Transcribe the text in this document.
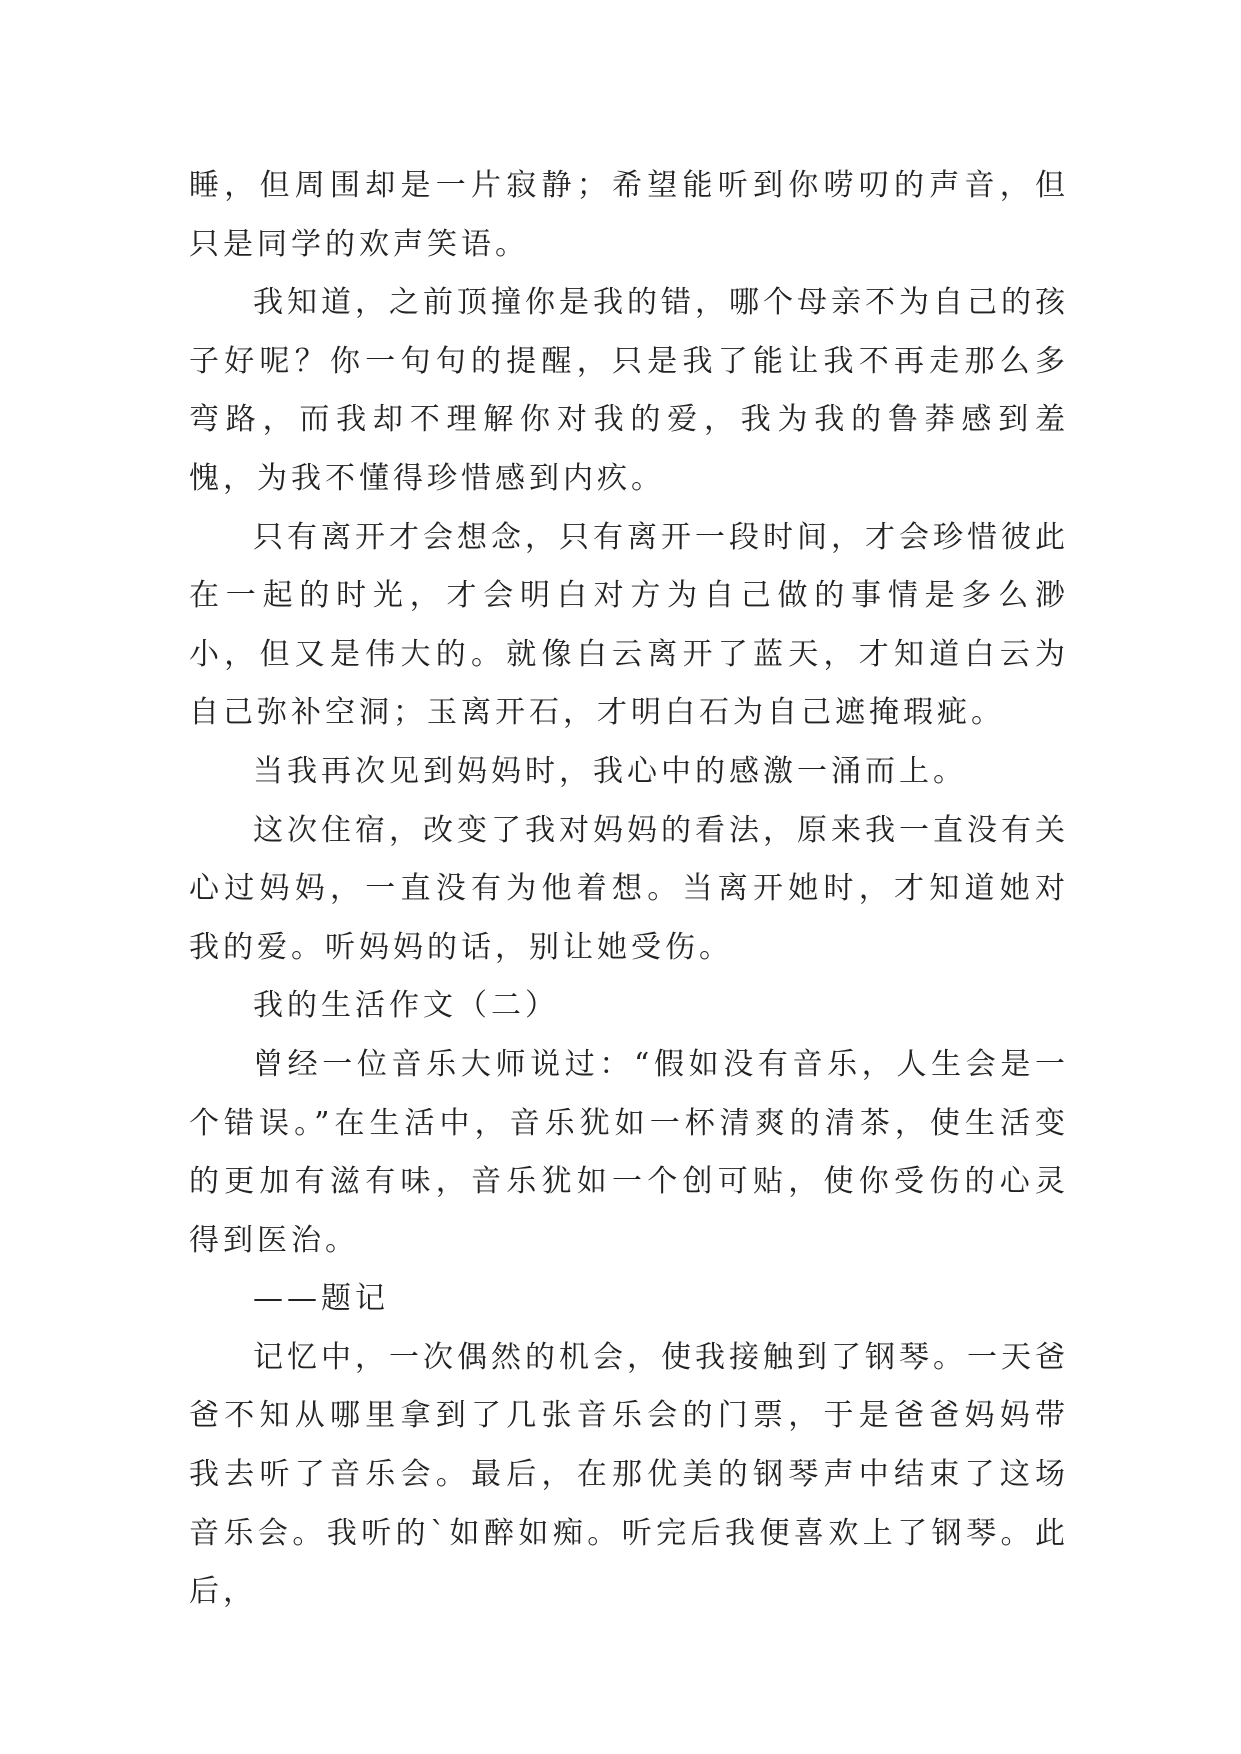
睡，但周围却是一片寂静；希望能听到你唠叨的声音，但只是同学的欢声笑语。

我知道，之前顶撞你是我的错，哪个母亲不为自己的孩子好呢？你一句句的提醒，只是我了能让我不再走那么多弯路，而我却不理解你对我的爱，我为我的鲁莽感到羞愧，为我不懂得珍惜感到内疚。

只有离开才会想念，只有离开一段时间，才会珍惜彼此在一起的时光，才会明白对方为自己做的事情是多么渺小，但又是伟大的。就像白云离开了蓝天，才知道白云为自己弥补空洞；玉离开石，才明白石为自己遮掩瑕疵。

当我再次见到妈妈时，我心中的感激一涌而上。

这次住宿，改变了我对妈妈的看法，原来我一直没有关心过妈妈，一直没有为他着想。当离开她时，才知道她对我的爱。听妈妈的话，别让她受伤。

我的生活作文（二）

曾经一位音乐大师说过：“假如没有音乐，人生会是一个错误。”在生活中，音乐犹如一杯清爽的清茶，使生活变的更加有滋有味，音乐犹如一个创可贴，使你受伤的心灵得到医治。

——题记

记忆中，一次偶然的机会，使我接触到了钢琴。一天爸爸不知从哪里拿到了几张音乐会的门票，于是爸爸妈妈带我去听了音乐会。最后，在那优美的钢琴声中结束了这场音乐会。我听的`如醉如痴。听完后我便喜欢上了钢琴。此后，
